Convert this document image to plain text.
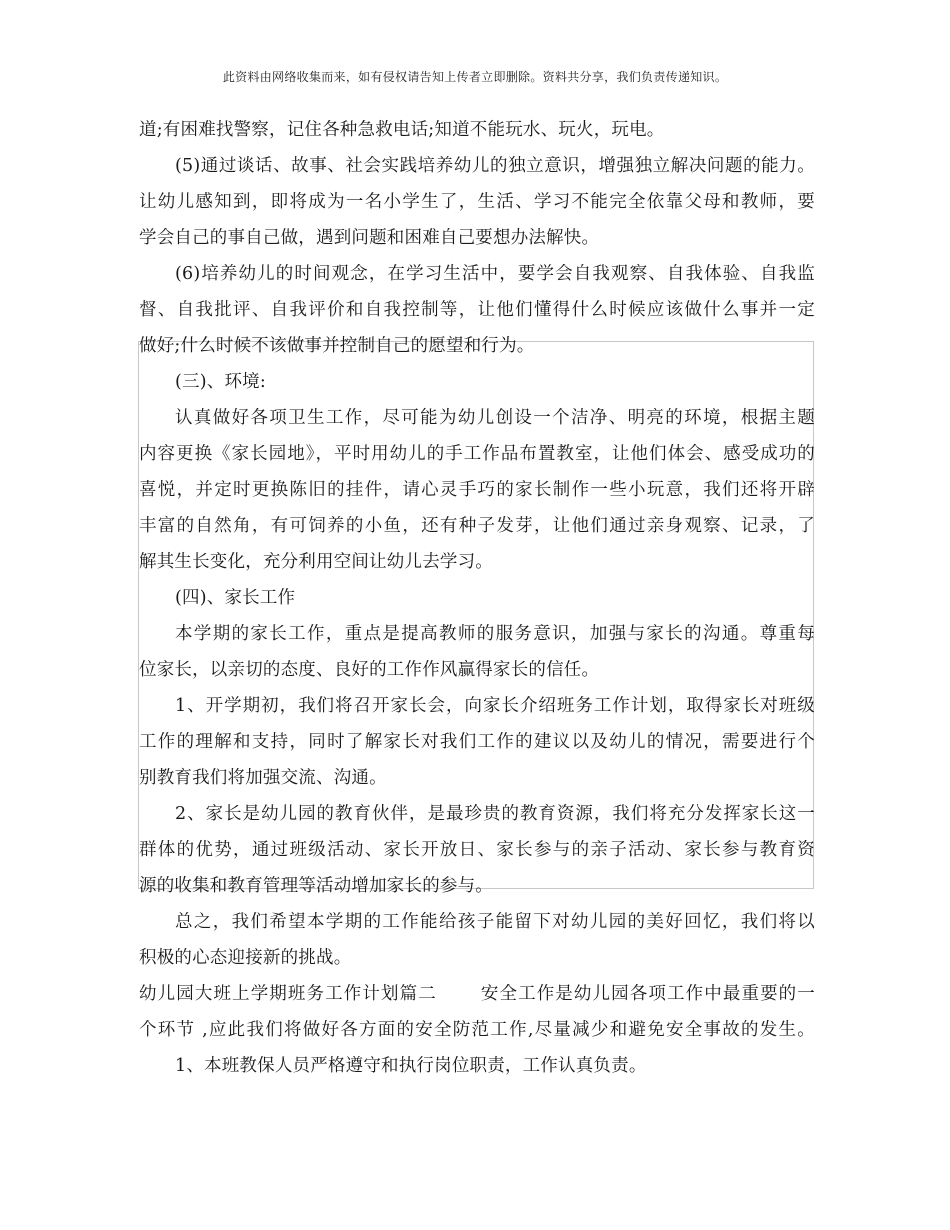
此资料由网络收集而来，如有侵权请告知上传者立即删除。资料共分享，我们负责传递知识。
道;有困难找警察，记住各种急救电话;知道不能玩水、玩火，玩电。
(5)通过谈话、故事、社会实践培养幼儿的独立意识，增强独立解决问题的能力。
让幼儿感知到，即将成为一名小学生了，生活、学习不能完全依靠父母和教师，要
学会自己的事自己做，遇到问题和困难自己要想办法解快。
(6)培养幼儿的时间观念，在学习生活中，要学会自我观察、自我体验、自我监
督、自我批评、自我评价和自我控制等，让他们懂得什么时候应该做什么事并一定
做好;什么时候不该做事并控制自己的愿望和行为。
(三)、环境:
认真做好各项卫生工作，尽可能为幼儿创设一个洁净、明亮的环境，根据主题
内容更换《家长园地》，平时用幼儿的手工作品布置教室，让他们体会、感受成功的
喜悦，并定时更换陈旧的挂件，请心灵手巧的家长制作一些小玩意，我们还将开辟
丰富的自然角，有可饲养的小鱼，还有种子发芽，让他们通过亲身观察、记录，了
解其生长变化，充分利用空间让幼儿去学习。
(四)、家长工作
本学期的家长工作，重点是提高教师的服务意识，加强与家长的沟通。尊重每
位家长，以亲切的态度、良好的工作作风赢得家长的信任。
1、开学期初，我们将召开家长会，向家长介绍班务工作计划，取得家长对班级
工作的理解和支持，同时了解家长对我们工作的建议以及幼儿的情况，需要进行个
别教育我们将加强交流、沟通。
2、家长是幼儿园的教育伙伴，是最珍贵的教育资源，我们将充分发挥家长这一
群体的优势，通过班级活动、家长开放日、家长参与的亲子活动、家长参与教育资
源的收集和教育管理等活动增加家长的参与。
总之，我们希望本学期的工作能给孩子能留下对幼儿园的美好回忆，我们将以
积极的心态迎接新的挑战。
幼儿园大班上学期班务工作计划篇二	安全工作是幼儿园各项工作中最重要的一
个环节 ,应此我们将做好各方面的安全防范工作,尽量减少和避免安全事故的发生。
1、本班教保人员严格遵守和执行岗位职责，工作认真负责。
